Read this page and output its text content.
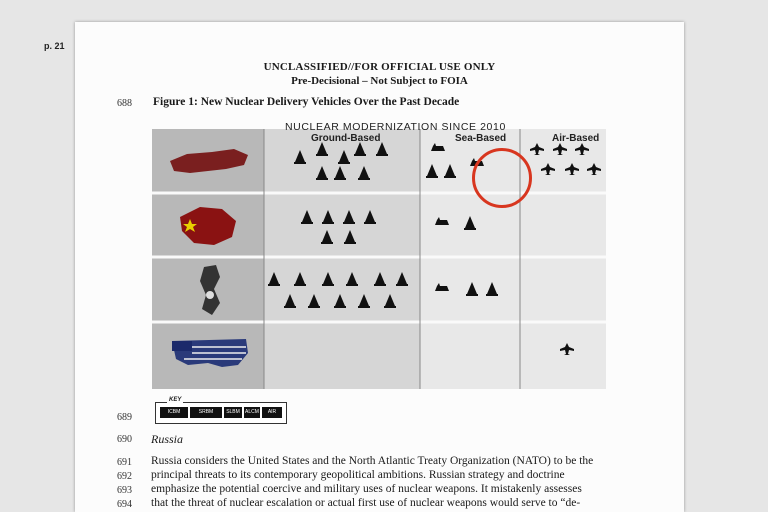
p. 21
UNCLASSIFIED//FOR OFFICIAL USE ONLY
Pre-Decisional – Not Subject to FOIA
688 Figure 1: New Nuclear Delivery Vehicles Over the Past Decade
NUCLEAR MODERNIZATION SINCE 2010
Ground-Based	Sea-Based	Air-Based
ICBM	SRBM	SLBM	ALCM	AIR
KEY
689
690 Russia
691 Russia considers the United States and the North Atlantic Treaty Organization (NATO) to be the
692 principal threats to its contemporary geopolitical ambitions. Russian strategy and doctrine
693 emphasize the potential coercive and military uses of nuclear weapons. It mistakenly assesses
694 that the threat of nuclear escalation or actual first use of nuclear weapons would serve to “de-
